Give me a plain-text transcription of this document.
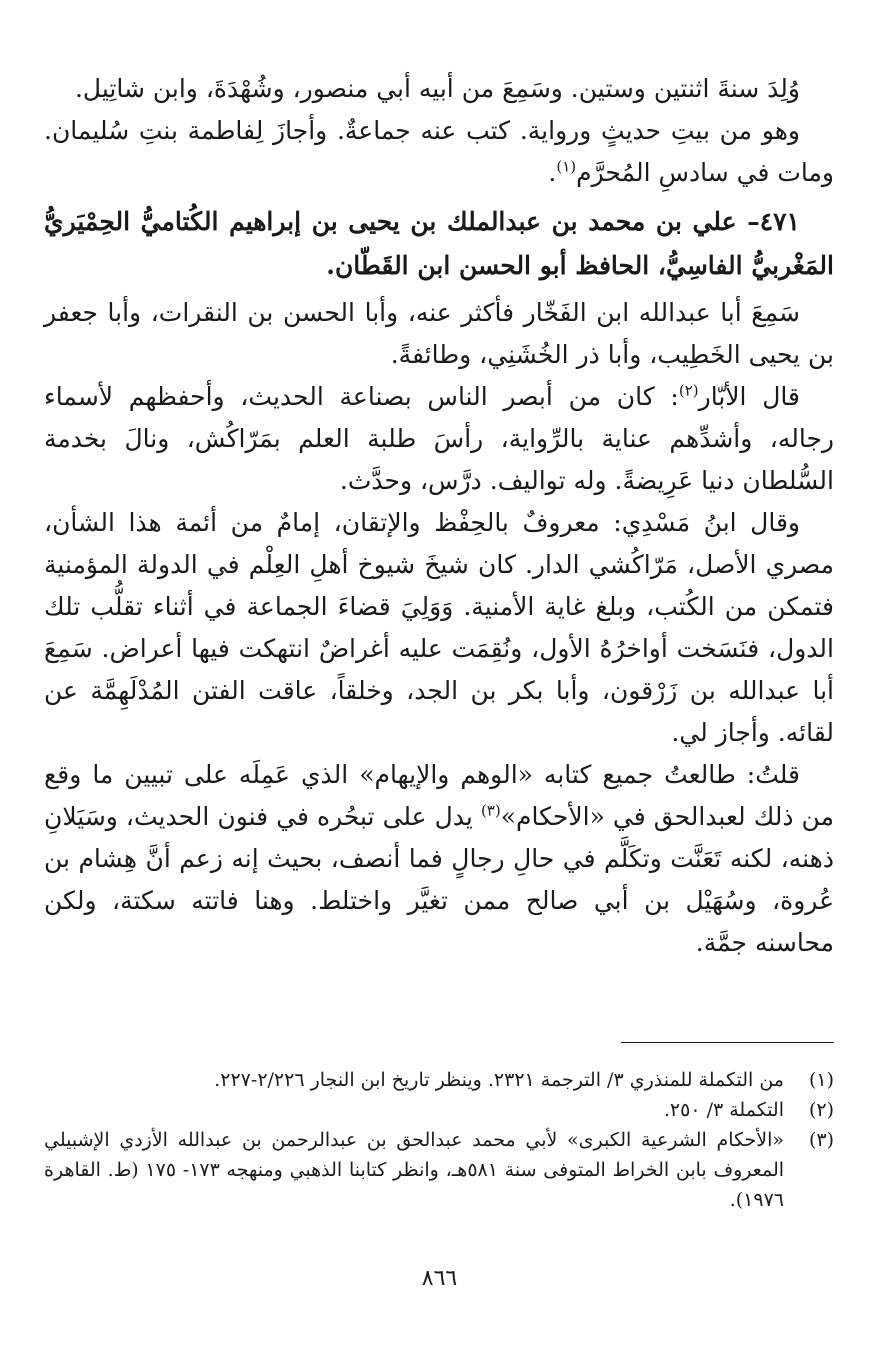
وُلِدَ سنةَ اثنتين وستين. وسَمِعَ من أبيه أبي منصور، وشُهْدَةَ، وابن شاتِيل.

وهو من بيتِ حديثٍ ورواية. كتب عنه جماعةٌ. وأجازَ لِفاطمة بنتِ سُليمان. ومات في سادسِ المُحرَّم$^{(١)}$.

٤٧١– علي بن محمد بن عبدالملك بن يحيى بن إبراهيم الكُتاميُّ الحِمْيَريُّ المَغْربيُّ الفاسِيُّ، الحافظ أبو الحسن ابن القَطّان.

سَمِعَ أبا عبدالله ابن الفَخّار فأكثر عنه، وأبا الحسن بن النقرات، وأبا جعفر بن يحيى الخَطِيب، وأبا ذر الخُشَنِي، وطائفةً.

قال الأبّار$^{(٢)}$: كان من أبصر الناس بصناعة الحديث، وأحفظهم لأسماء رجاله، وأشدِّهم عناية بالرِّواية، رأسَ طلبة العلم بمَرّاكُش، ونالَ بخدمة السُّلطان دنيا عَرِيضةً. وله تواليف. درَّس، وحدَّث.

وقال ابنُ مَسْدِي: معروفٌ بالحِفْظ والإتقان، إمامٌ من أئمة هذا الشأن، مصري الأصل، مَرّاكُشي الدار. كان شيخَ شيوخ أهلِ العِلْم في الدولة المؤمنية فتمكن من الكُتب، وبلغ غاية الأمنية. وَوَلِيَ قضاءَ الجماعة في أثناء تقلُّب تلك الدول، فنَسَخت أواخرُهُ الأول، ونُقِمَت عليه أغراضٌ انتهكت فيها أعراض. سَمِعَ أبا عبدالله بن زَرْقون، وأبا بكر بن الجد، وخلقاً، عاقت الفتن المُدْلَهِمَّة عن لقائه. وأجاز لي.

قلتُ: طالعتُ جميع كتابه «الوهم والإيهام» الذي عَمِلَه على تبيين ما وقع من ذلك لعبدالحق في «الأحكام»$^{(٣)}$ يدل على تبحُره في فنون الحديث، وسَيَلانِ ذهنه، لكنه تَعَنَّت وتكَلَّم في حالِ رجالٍ فما أنصف، بحيث إنه زعم أنَّ هِشام بن عُروة، وسُهَيْل بن أبي صالح ممن تغيَّر واختلط. وهنا فاتته سكتة، ولكن محاسنه جمَّة.

(١)
من التكملة للمنذري ٣/ الترجمة ٢٣٢١. وينظر تاريخ ابن النجار ٢/٢٢٦-٢٢٧.
(٢)
التكملة ٣/ ٢٥٠.
(٣)
«الأحكام الشرعية الكبرى» لأبي محمد عبدالحق بن عبدالرحمن بن عبدالله الأزدي الإشبيلي المعروف بابن الخراط المتوفى سنة ٥٨١هـ، وانظر كتابنا الذهبي ومنهجه ١٧٣- ١٧٥ (ط. القاهرة ١٩٧٦).
٨٦٦
